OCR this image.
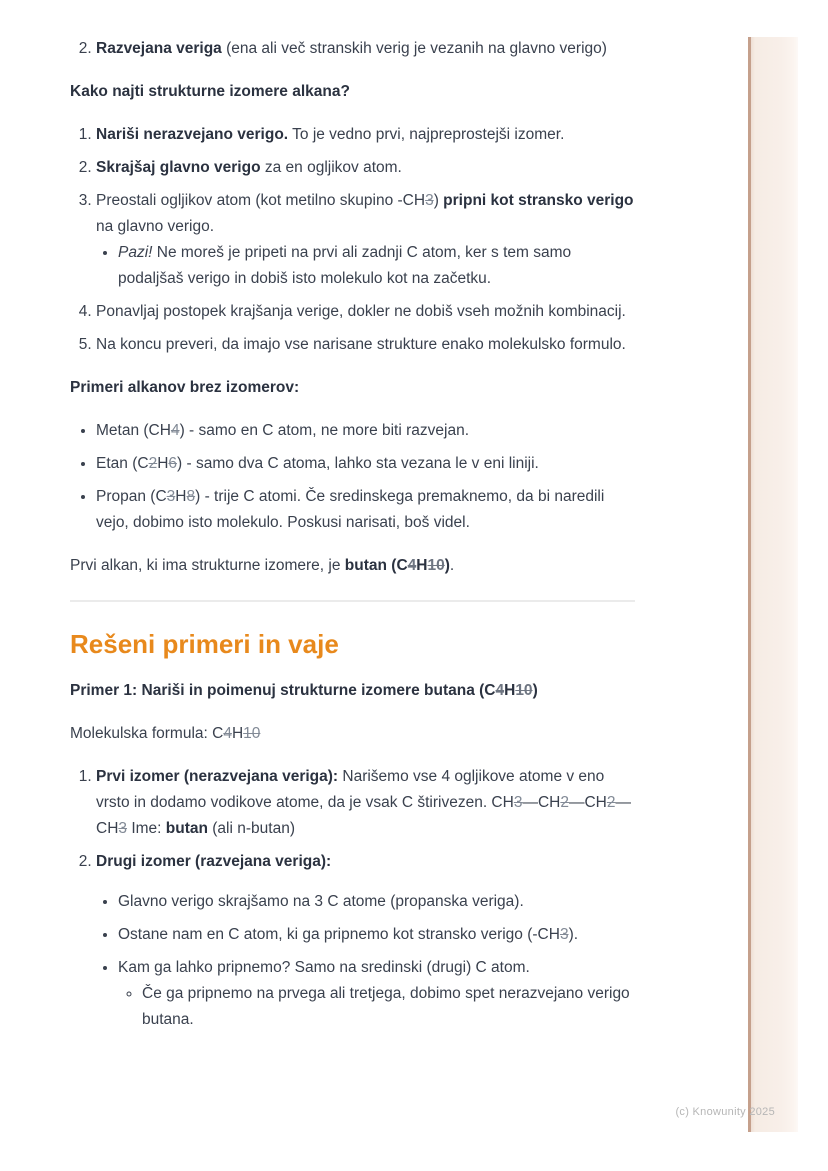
2. Razvejana veriga (ena ali več stranskih verig je vezanih na glavno verigo)

Kako najti strukturne izomere alkana?

1. Nariši nerazvejano verigo. To je vedno prvi, najpreprostejši izomer.
2. Skrajšaj glavno verigo za en ogljikov atom.
3. Preostali ogljikov atom (kot metilno skupino -CH3) pripni kot stransko verigo na glavno verigo.
• Pazi! Ne moreš je pripeti na prvi ali zadnji C atom, ker s tem samo podaljšaš verigo in dobiš isto molekulo kot na začetku.
4. Ponavljaj postopek krajšanja verige, dokler ne dobiš vseh možnih kombinacij.
5. Na koncu preveri, da imajo vse narisane strukture enako molekulsko formulo.

Primeri alkanov brez izomerov:

• Metan (CH4) - samo en C atom, ne more biti razvejan.
• Etan (C2H6) - samo dva C atoma, lahko sta vezana le v eni liniji.
• Propan (C3H8) - trije C atomi. Če sredinskega premaknemo, da bi naredili vejo, dobimo isto molekulo. Poskusi narisati, boš videl.

Prvi alkan, ki ima strukturne izomere, je butan (C4H10).

Rešeni primeri in vaje

Primer 1: Nariši in poimenuj strukturne izomere butana (C4H10)

Molekulska formula: C4H10

1. Prvi izomer (nerazvejana veriga): Narišemo vse 4 ogljikove atome v eno vrsto in dodamo vodikove atome, da je vsak C štirivezen. CH3—CH2—CH2—CH3 Ime: butan (ali n-butan)
2. Drugi izomer (razvejana veriga):
• Glavno verigo skrajšamo na 3 C atome (propanska veriga).
• Ostane nam en C atom, ki ga pripnemo kot stransko verigo (-CH3).
• Kam ga lahko pripnemo? Samo na sredinski (drugi) C atom.
◦ Če ga pripnemo na prvega ali tretjega, dobimo spet nerazvejano verigo butana.
(c) Knowunity 2025
